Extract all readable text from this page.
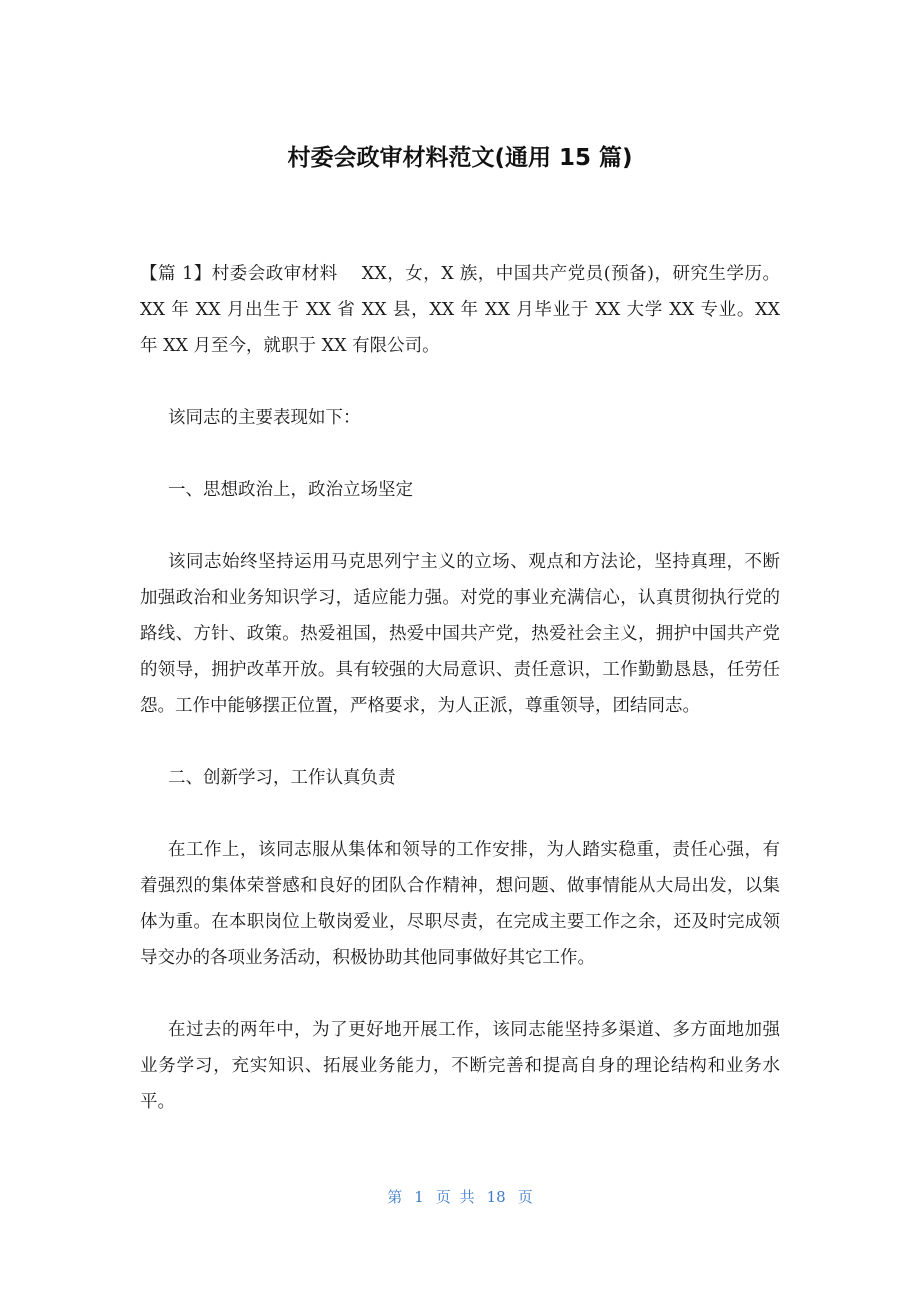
村委会政审材料范文(通用 15 篇)

【篇 1】村委会政审材料　 XX，女，X 族，中国共产党员(预备)，研究生学历。XX 年 XX 月出生于 XX 省 XX 县，XX 年 XX 月毕业于 XX 大学 XX 专业。XX 年 XX 月至今，就职于 XX 有限公司。

该同志的主要表现如下：

一、思想政治上，政治立场坚定

该同志始终坚持运用马克思列宁主义的立场、观点和方法论，坚持真理，不断加强政治和业务知识学习，适应能力强。对党的事业充满信心，认真贯彻执行党的路线、方针、政策。热爱祖国，热爱中国共产党，热爱社会主义，拥护中国共产党的领导，拥护改革开放。具有较强的大局意识、责任意识，工作勤勤恳恳，任劳任怨。工作中能够摆正位置，严格要求，为人正派，尊重领导，团结同志。

二、创新学习，工作认真负责

在工作上，该同志服从集体和领导的工作安排，为人踏实稳重，责任心强，有着强烈的集体荣誉感和良好的团队合作精神，想问题、做事情能从大局出发，以集体为重。在本职岗位上敬岗爱业，尽职尽责，在完成主要工作之余，还及时完成领导交办的各项业务活动，积极协助其他同事做好其它工作。

在过去的两年中，为了更好地开展工作，该同志能坚持多渠道、多方面地加强业务学习，充实知识、拓展业务能力，不断完善和提高自身的理论结构和业务水平。

第 1 页 共 18 页
